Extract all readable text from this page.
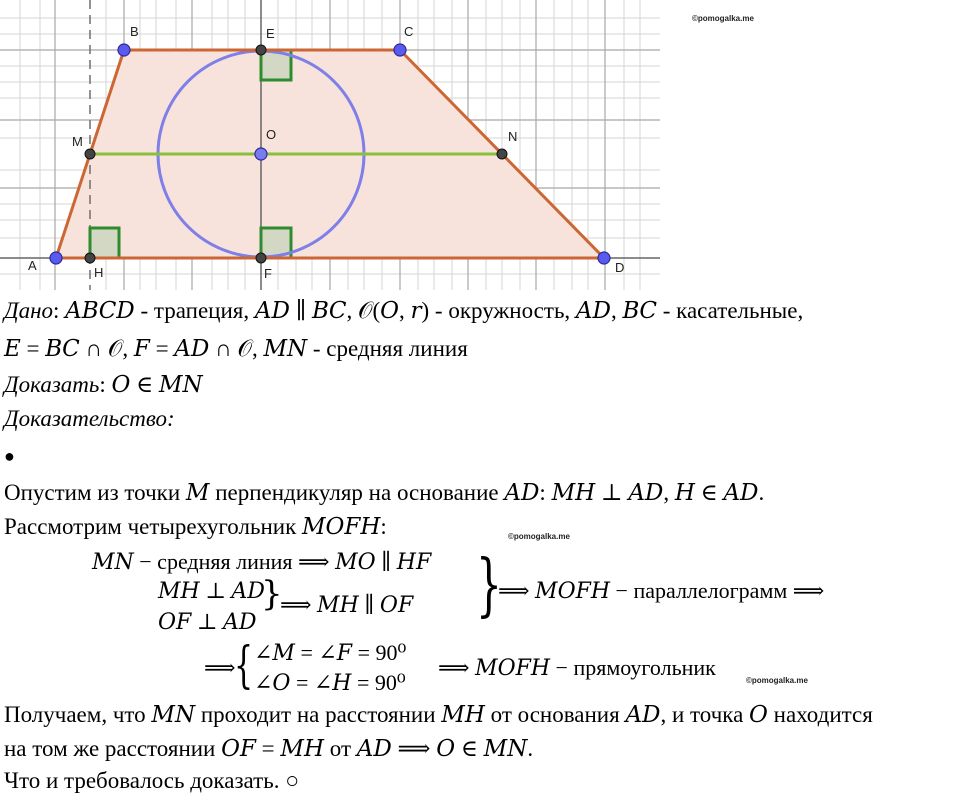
B	E	C
M	O	N
A	H	F	D
©pomogalka.me
Дано: 𝐴𝐵𝐶𝐷 - трапеция, 𝐴𝐷 ∥ 𝐵𝐶, 𝒪(𝑂, 𝑟) - окружность, 𝐴𝐷, 𝐵𝐶 - касательные,
𝐸 = 𝐵𝐶 ∩ 𝒪, 𝐹 = 𝐴𝐷 ∩ 𝒪, 𝑀𝑁 - средняя линия
Доказать: 𝑂 ∈ 𝑀𝑁
Доказательство:
●
Опустим из точки 𝑀 перпендикуляр на основание 𝐴𝐷: 𝑀𝐻 ⊥ 𝐴𝐷, 𝐻 ∈ 𝐴𝐷.
Рассмотрим четырехугольник 𝑀𝑂𝐹𝐻:	©pomogalka.me
𝑀𝑁 − средняя линия ⟹ 𝑀𝑂 ∥ 𝐻𝐹
𝑀𝐻 ⊥ 𝐴𝐷
𝑂𝐹 ⊥ 𝐴𝐷
}
⟹ 𝑀𝐻 ∥ 𝑂𝐹 }
⟹ 𝑀𝑂𝐹𝐻 − параллелограмм ⟹
⟹
{ ∠𝑀 = ∠𝐹 = 90⁰
∠𝑂 = ∠𝐻 = 90⁰
⟹ 𝑀𝑂𝐹𝐻 − прямоугольник
©pomogalka.me
Получаем, что 𝑀𝑁 проходит на расстоянии 𝑀𝐻 от основания 𝐴𝐷, и точка 𝑂 находится
на том же расстоянии 𝑂𝐹 = 𝑀𝐻 от 𝐴𝐷 ⟹ 𝑂 ∈ 𝑀𝑁.
Что и требовалось доказать. ○
